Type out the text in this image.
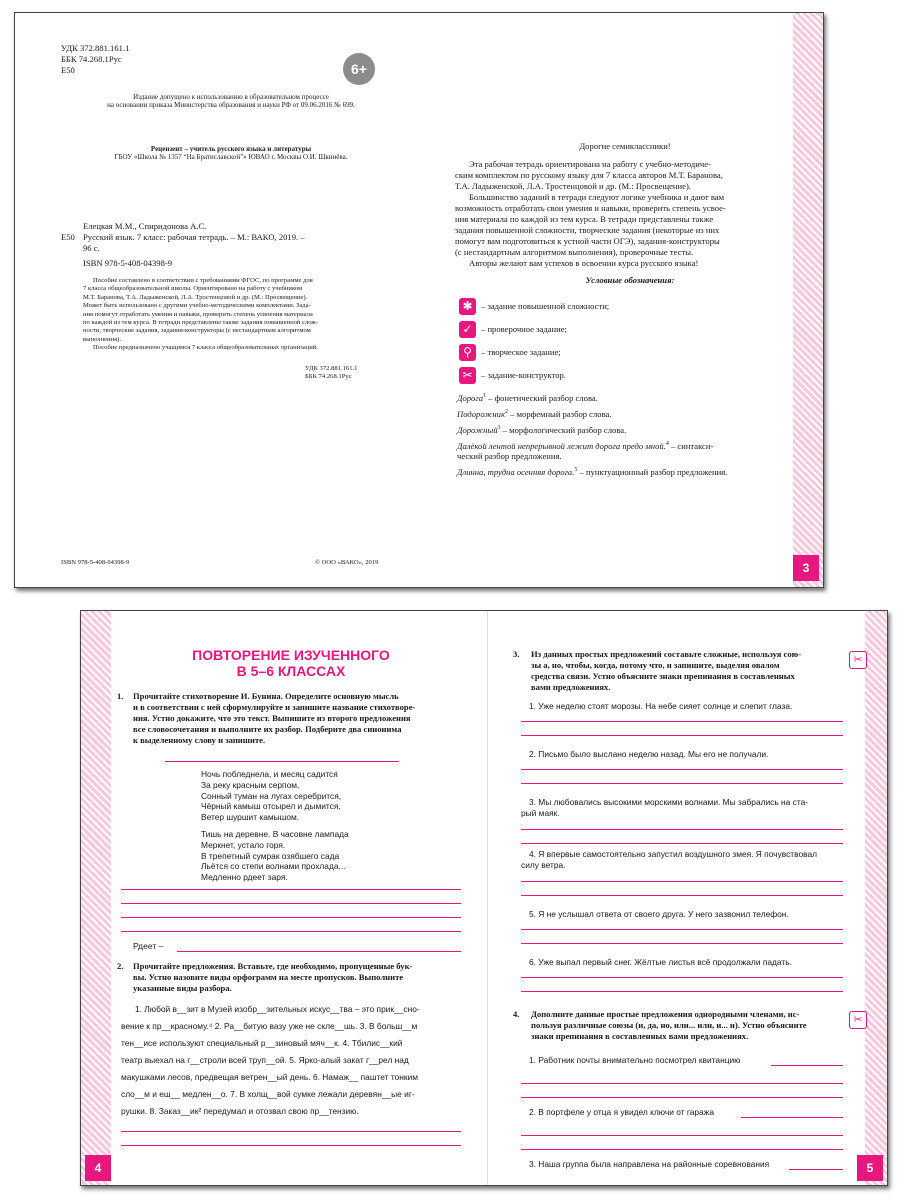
3
УДК 372.881.161.1
ББК 74.268.1Рус
Е50	6+
Издание допущено к использованию в образовательном процессе
на основании приказа Министерства образования и науки РФ от 09.06.2016 № 699.
Рецензент – учитель русского языка и литературы
ГБОУ «Школа № 1357 “На Братиславской”» ЮВАО г. Москвы О.И. Шкинёва.
Елецкая М.М., Спиридонова А.С.
Е50 Русский язык. 7 класс: рабочая тетрадь. – М.: ВАКО, 2019. –
96 с.
ISBN 978-5-408-04398-9
Пособие составлено в соответствии с требованиями ФГОС, по программе для
7 класса общеобразовательной школы. Ориентировано на работу с учебником
М.Т. Баранова, Т.А. Ладыженской, Л.А. Тростенцовой и др. (М.: Просвещение).
Может быть использовано с другими учебно-методическими комплектами. Зада-
ния помогут отработать умения и навыки, проверить степень усвоения материала
по каждой из тем курса. В тетради представлены также задания повышенной слож-
ности, творческие задания, задания-конструкторы (с нестандартным алгоритмом
выполнения).
Пособие предназначено учащимся 7 класса общеобразовательных организаций.
УДК 372.881.161.1
ББК 74.268.1Рус
ISBN 978-5-408-04398-9	© ООО «ВАКО», 2019
Дорогие семиклассники!
Эта рабочая тетрадь ориентирована на работу с учебно-методиче-
ским комплектом по русскому языку для 7 класса авторов М.Т. Баранова,
Т.А. Ладыженской, Л.А. Тростенцовой и др. (М.: Просвещение).
Большинство заданий в тетради следуют логике учебника и дают вам
возможность отработать свои умения и навыки, проверить степень усвое-
ния материала по каждой из тем курса. В тетради представлены также
задания повышенной сложности, творческие задания (некоторые из них
помогут вам подготовиться к устной части ОГЭ), задания-конструкторы
(с нестандартным алгоритмом выполнения), проверочные тесты.
Авторы желают вам успехов в освоении курса русского языка!
Условные обозначения:
✱ – задание повышенной сложности;
✓ – проверочное задание;
⚲	– творческое задание;
✂ – задание-конструктор.
Дорога$^1$ – фонетический разбор слова.
Подорожник$^2$ – морфемный разбор слова.
Дорожный$^3$ – морфологический разбор слова.
Далёкой лентой непрерывной лежит дорога предо мной.$^4$ – синтакси-
ческий разбор предложения.
Длинна, трудна осенняя дорога.$^5$ – пунктуационный разбор предложения.
4	5
ПОВТОРЕНИЕ ИЗУЧЕННОГО
В 5–6 КЛАССАХ
1. Прочитайте стихотворение И. Бунина. Определите основную мысль
и в соответствии с ней сформулируйте и запишите название стихотворе-
ния. Устно докажите, что это текст. Выпишите из второго предложения
все словосочетания и выполните их разбор. Подберите два синонима
к выделенному слову и запишите.
Ночь побледнела, и месяц садится
За реку красным серпом.
Сонный туман на лугах серебрится,
Чёрный камыш отсырел и дымится,
Ветер шуршит камышом.
Тишь на деревне. В часовне лампада
Меркнет, устало горя.
В трепетный сумрак озябшего сада
Льётся со степи волнами прохлада...
Медленно рдеет заря.
Рдеет –
2. Прочитайте предложения. Вставьте, где необходимо, пропущенные бук-
вы. Устно назовите виды орфограмм на месте пропусков. Выполните
указанные виды разбора.
1. Любой в__зит в Музей изобр__зительных искус__тва – это прик__сно-
вение к пр__красному.⁴ 2. Ра__битую вазу уже не скле__шь. 3. В больш__м
тен__исе используют специальный р__зиновый мяч__к. 4. Тбилис__кий
театр выехал на г__строли всей труп__ой. 5. Ярко-алый закат г__рел над
макушками лесов, предвещая ветрен__ый день. 6. Намаж__ паштет тонким
сло__м и еш__ медлен__о. 7. В холщ__вой сумке лежали деревян__ые иг-
рушки. 8. Заказ__ик² передумал и отозвал свою пр__тензию.
3. Из данных простых предложений составьте сложные, используя сою-
зы а, но, чтобы, когда, потому что, и запишите, выделяя овалом
средства связи. Устно объясните знаки препинания в составленных
вами предложениях.
✂
1. Уже неделю стоят морозы. На небе сияет солнце и слепит глаза.
2. Письмо было выслано неделю назад. Мы его не получали.
3. Мы любовались высокими морскими волнами. Мы забрались на ста-
рый маяк.
4. Я впервые самостоятельно запустил воздушного змея. Я почувствовал
силу ветра.
5. Я не услышал ответа от своего друга. У него зазвонил телефон.
6. Уже выпал первый снег. Жёлтые листья всё продолжали падать.
4. Дополните данные простые предложения однородными членами, ис-
пользуя различные союзы (и, да, но, или... или, и... и). Устно объясните
знаки препинания в составленных вами предложениях.
✂
1. Работник почты внимательно посмотрел квитанцию
2. В портфеле у отца я увидел ключи от гаража
3. Наша группа была направлена на районные соревнования
